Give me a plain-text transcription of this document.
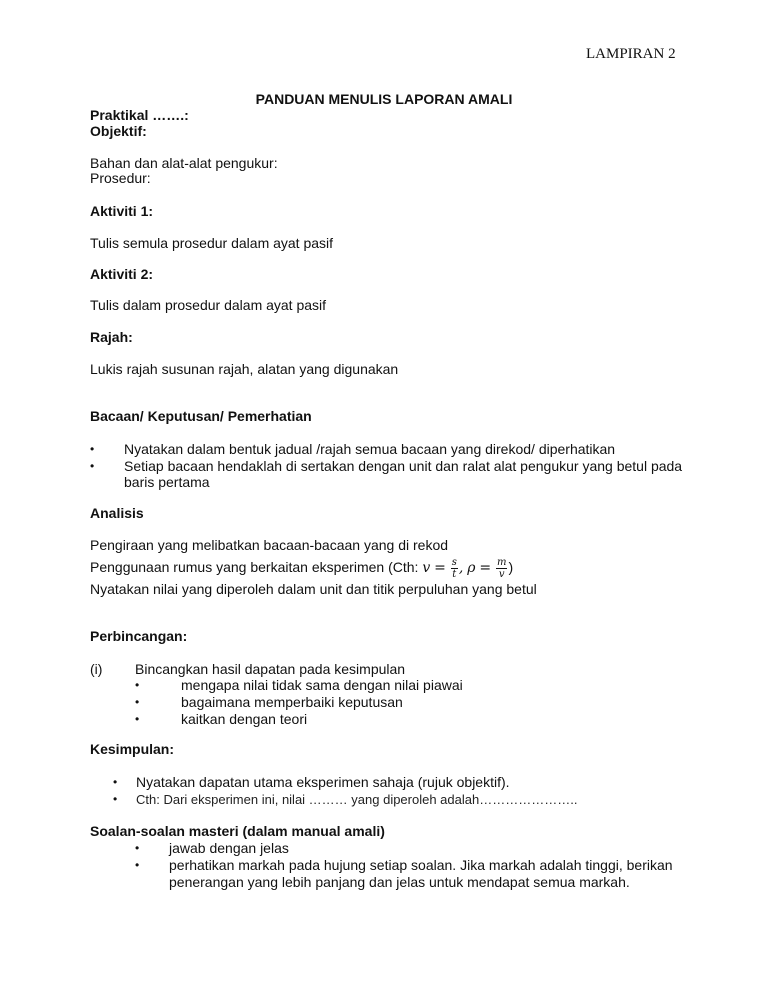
LAMPIRAN 2
PANDUAN MENULIS LAPORAN AMALI
Praktikal …….:
Objektif:
Bahan dan alat-alat pengukur:
Prosedur:
Aktiviti 1:
Tulis semula prosedur dalam ayat pasif
Aktiviti 2:
Tulis dalam prosedur dalam ayat pasif
Rajah:
Lukis rajah susunan rajah, alatan yang digunakan
Bacaan/ Keputusan/ Pemerhatian
• Nyatakan dalam bentuk jadual /rajah semua bacaan yang direkod/ diperhatikan
• Setiap bacaan hendaklah di sertakan dengan unit dan ralat alat pengukur yang betul pada
baris pertama
Analisis
Pengiraan yang melibatkan bacaan-bacaan yang di rekod
Penggunaan rumus yang berkaitan eksperimen (Cth: $v = \frac{s}{t}$ , $\rho = \frac{m}{v}$ )
Nyatakan nilai yang diperoleh dalam unit dan titik perpuluhan yang betul
Perbincangan:
(i) Bincangkan hasil dapatan pada kesimpulan
•	mengapa nilai tidak sama dengan nilai piawai
•	bagaimana memperbaiki keputusan
•	kaitkan dengan teori
Kesimpulan:
• Nyatakan dapatan utama eksperimen sahaja (rujuk objektif).
• Cth: Dari eksperimen ini, nilai ……… yang diperoleh adalah…………………..
Soalan-soalan masteri (dalam manual amali)
• jawab dengan jelas
• perhatikan markah pada hujung setiap soalan. Jika markah adalah tinggi, berikan
penerangan yang lebih panjang dan jelas untuk mendapat semua markah.
